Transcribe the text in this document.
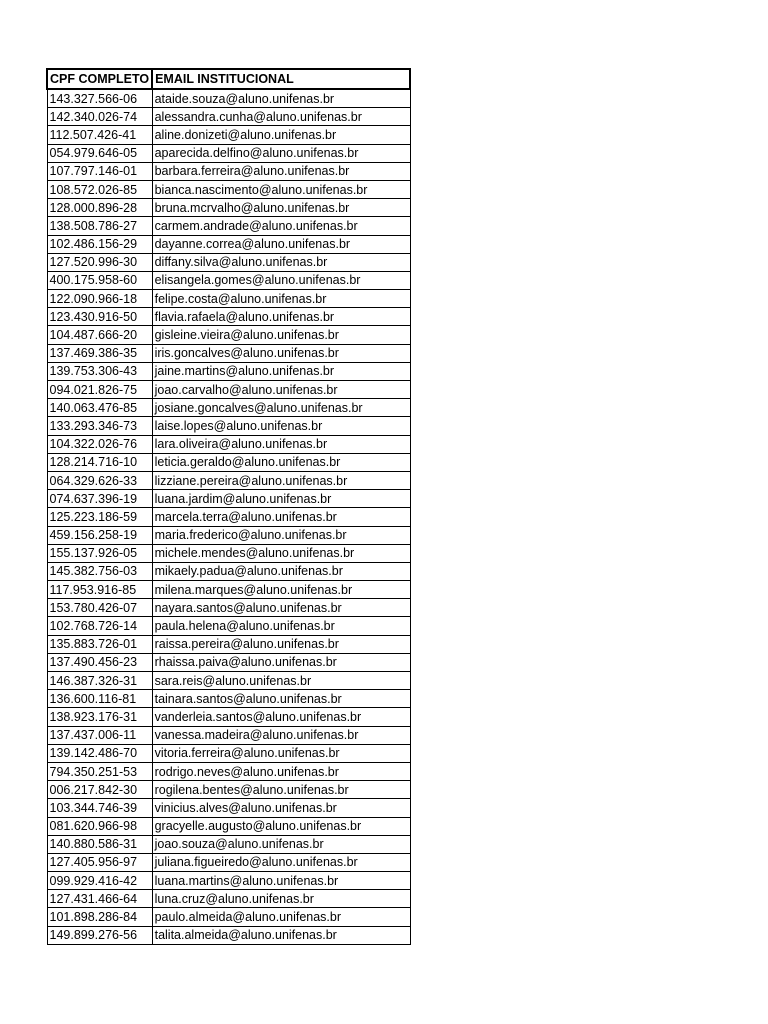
CPF COMPLETO	EMAIL INSTITUCIONAL
143.327.566-06	ataide.souza@aluno.unifenas.br
142.340.026-74	alessandra.cunha@aluno.unifenas.br
112.507.426-41	aline.donizeti@aluno.unifenas.br
054.979.646-05	aparecida.delfino@aluno.unifenas.br
107.797.146-01	barbara.ferreira@aluno.unifenas.br
108.572.026-85	bianca.nascimento@aluno.unifenas.br
128.000.896-28	bruna.mcrvalho@aluno.unifenas.br
138.508.786-27	carmem.andrade@aluno.unifenas.br
102.486.156-29	dayanne.correa@aluno.unifenas.br
127.520.996-30	diffany.silva@aluno.unifenas.br
400.175.958-60	elisangela.gomes@aluno.unifenas.br
122.090.966-18	felipe.costa@aluno.unifenas.br
123.430.916-50	flavia.rafaela@aluno.unifenas.br
104.487.666-20	gisleine.vieira@aluno.unifenas.br
137.469.386-35	iris.goncalves@aluno.unifenas.br
139.753.306-43	jaine.martins@aluno.unifenas.br
094.021.826-75	joao.carvalho@aluno.unifenas.br
140.063.476-85	josiane.goncalves@aluno.unifenas.br
133.293.346-73	laise.lopes@aluno.unifenas.br
104.322.026-76	lara.oliveira@aluno.unifenas.br
128.214.716-10	leticia.geraldo@aluno.unifenas.br
064.329.626-33	lizziane.pereira@aluno.unifenas.br
074.637.396-19	luana.jardim@aluno.unifenas.br
125.223.186-59	marcela.terra@aluno.unifenas.br
459.156.258-19	maria.frederico@aluno.unifenas.br
155.137.926-05	michele.mendes@aluno.unifenas.br
145.382.756-03	mikaely.padua@aluno.unifenas.br
117.953.916-85	milena.marques@aluno.unifenas.br
153.780.426-07	nayara.santos@aluno.unifenas.br
102.768.726-14	paula.helena@aluno.unifenas.br
135.883.726-01	raissa.pereira@aluno.unifenas.br
137.490.456-23	rhaissa.paiva@aluno.unifenas.br
146.387.326-31	sara.reis@aluno.unifenas.br
136.600.116-81	tainara.santos@aluno.unifenas.br
138.923.176-31	vanderleia.santos@aluno.unifenas.br
137.437.006-11	vanessa.madeira@aluno.unifenas.br
139.142.486-70	vitoria.ferreira@aluno.unifenas.br
794.350.251-53	rodrigo.neves@aluno.unifenas.br
006.217.842-30	rogilena.bentes@aluno.unifenas.br
103.344.746-39	vinicius.alves@aluno.unifenas.br
081.620.966-98	gracyelle.augusto@aluno.unifenas.br
140.880.586-31	joao.souza@aluno.unifenas.br
127.405.956-97	juliana.figueiredo@aluno.unifenas.br
099.929.416-42	luana.martins@aluno.unifenas.br
127.431.466-64	luna.cruz@aluno.unifenas.br
101.898.286-84	paulo.almeida@aluno.unifenas.br
149.899.276-56	talita.almeida@aluno.unifenas.br
